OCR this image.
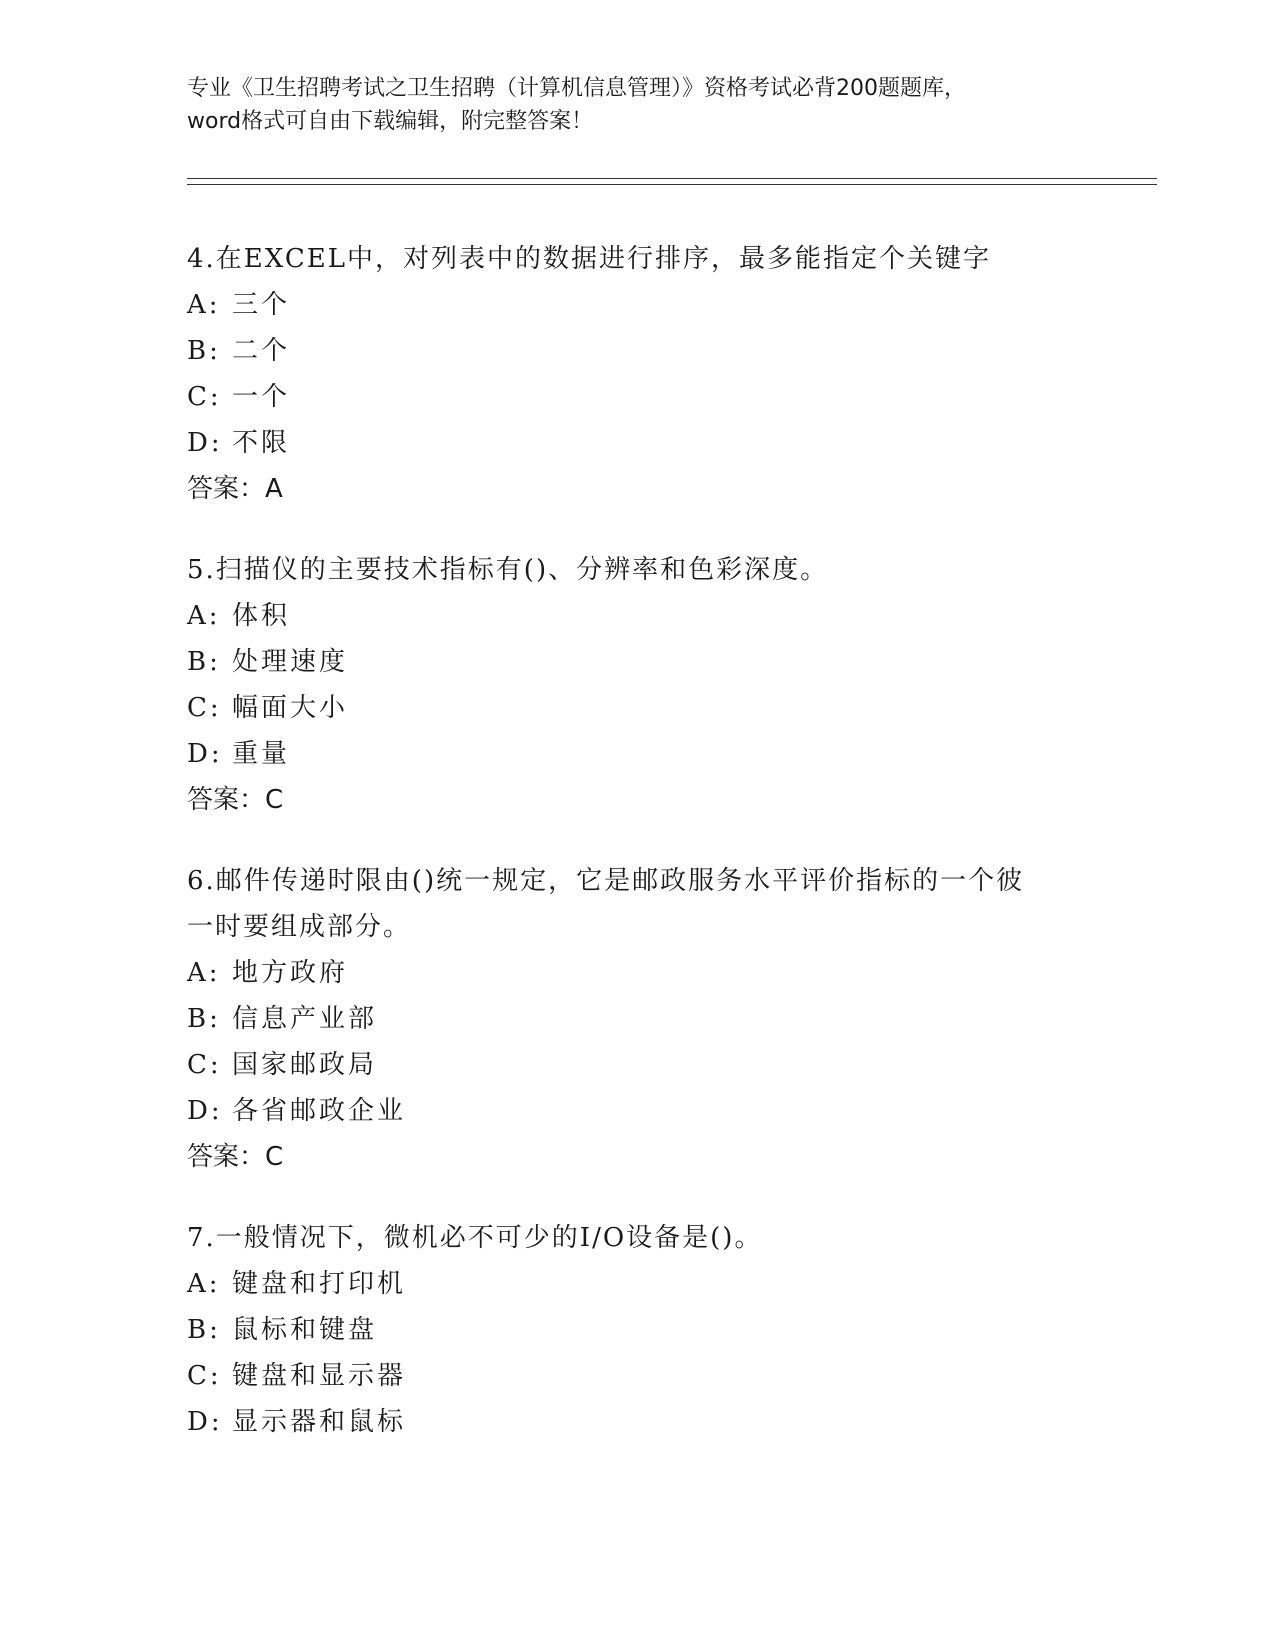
专业《卫生招聘考试之卫生招聘（计算机信息管理）》资格考试必背200题题库，
word格式可自由下载编辑，附完整答案！

4.在EXCEL中，对列表中的数据进行排序，最多能指定个关键字

A: 三个

B: 二个

C: 一个

D: 不限

答案：A

5.扫描仪的主要技术指标有()、分辨率和色彩深度。

A: 体积

B: 处理速度

C: 幅面大小

D: 重量

答案：C

6.邮件传递时限由()统一规定，它是邮政服务水平评价指标的一个彼

一时要组成部分。

A: 地方政府

B: 信息产业部

C: 国家邮政局

D: 各省邮政企业

答案：C

7.一般情况下，微机必不可少的I/O设备是()。

A: 键盘和打印机

B: 鼠标和键盘

C: 键盘和显示器

D: 显示器和鼠标
